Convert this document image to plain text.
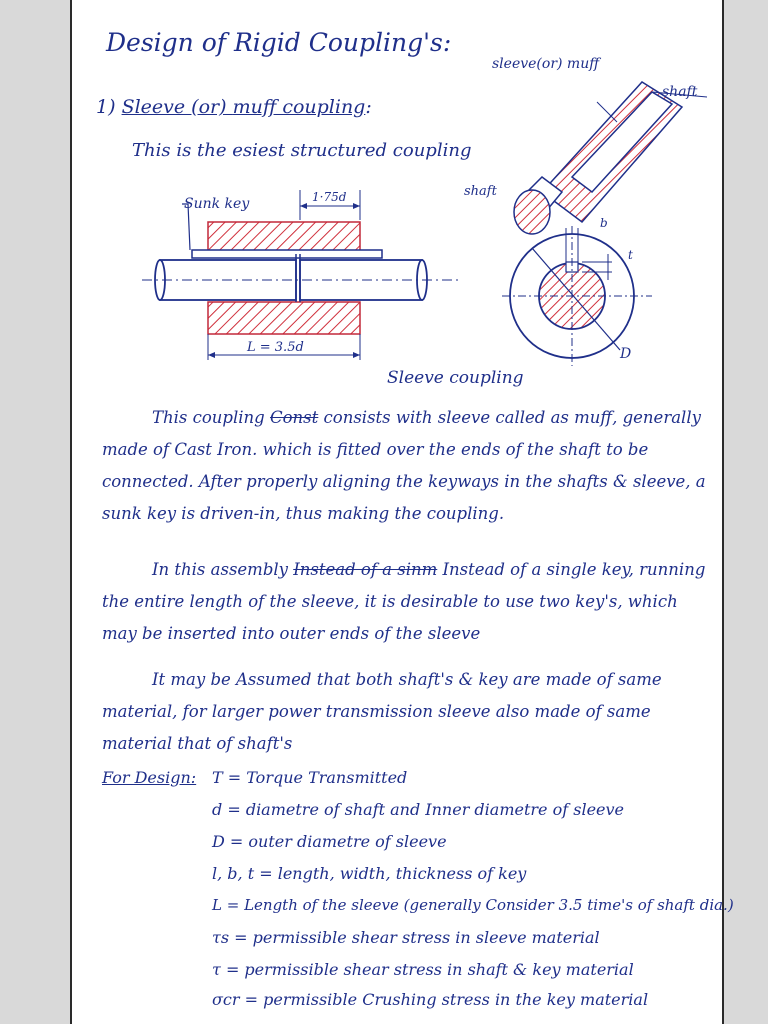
Design of Rigid Coupling's:
1) Sleeve (or) muff coupling:
This is the esiest structured coupling
Sunk key	1·75d
L = 3.5d
Sleeve coupling
sleeve(or) muff
shaft
shaft
b
t
D
This coupling Const consists with sleeve called as muff, generally made of Cast Iron. which is fitted over the ends of the shaft to be connected. After properly aligning the keyways in the shafts & sleeve, a sunk key is driven-in, thus making the coupling.
In this assembly Instead of a sinm Instead of a single key, running the entire length of the sleeve, it is desirable to use two key's, which may be inserted into outer ends of the sleeve
It may be Assumed that both shaft's & key are made of same material, for larger power transmission sleeve also made of same material that of shaft's
For Design: T = Torque Transmitted
d = diametre of shaft and Inner diametre of sleeve
D = outer diametre of sleeve
l, b, t = length, width, thickness of key
L = Length of the sleeve (generally Consider 3.5 time's of shaft dia.)
τs = permissible shear stress in sleeve material
τ = permissible shear stress in shaft & key material
σcr = permissible Crushing stress in the key material
